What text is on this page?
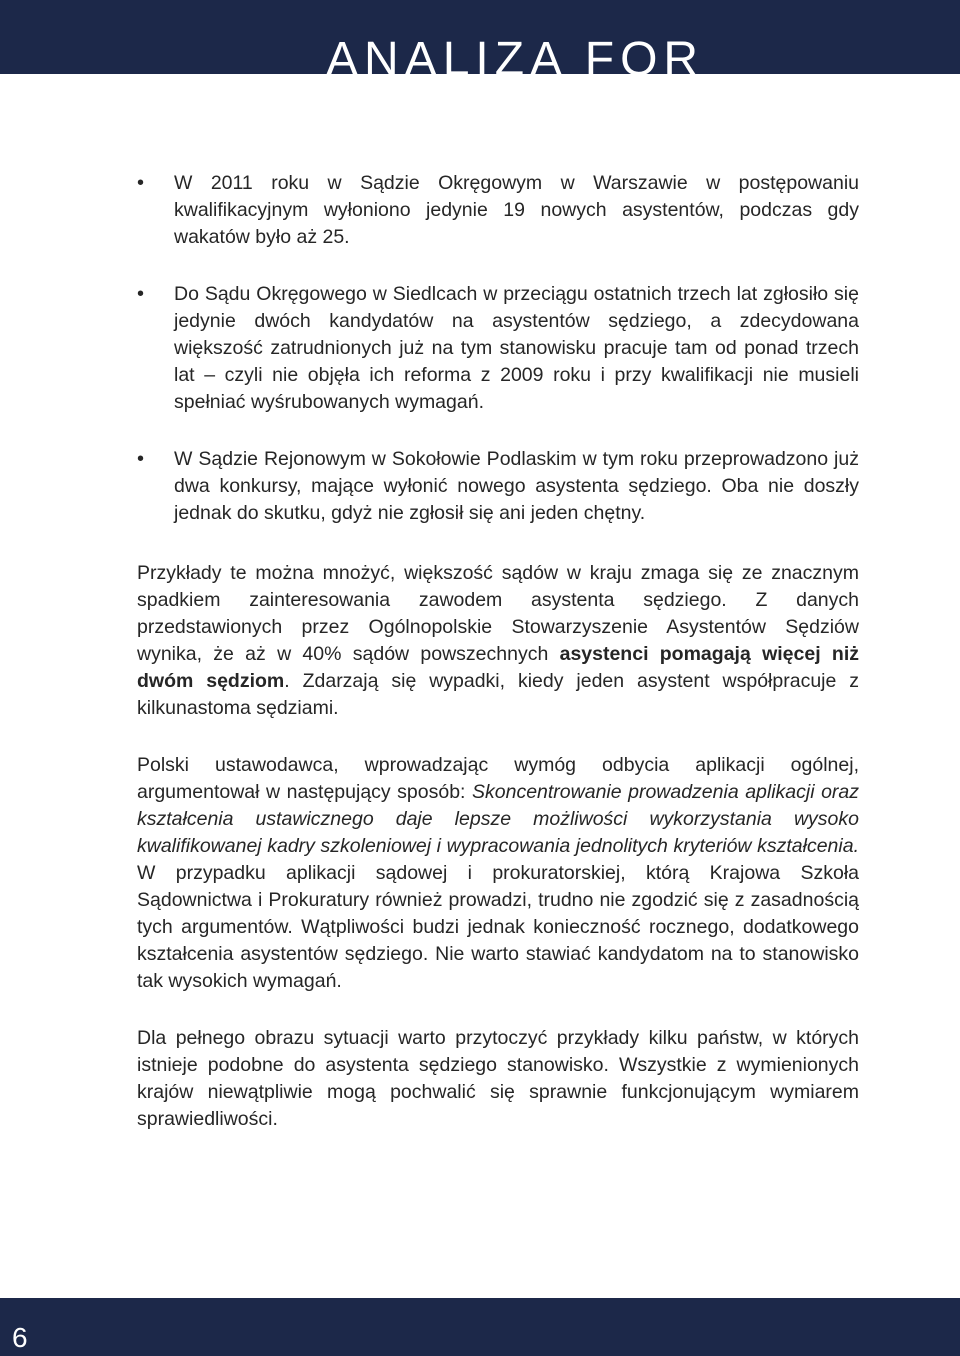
ANALIZA FOR
• W 2011 roku w Sądzie Okręgowym w Warszawie w postępowaniu kwalifikacyjnym wyłoniono jedynie 19 nowych asystentów, podczas gdy wakatów było aż 25.
• Do Sądu Okręgowego w Siedlcach w przeciągu ostatnich trzech lat zgłosiło się jedynie dwóch kandydatów na asystentów sędziego, a zdecydowana większość zatrudnionych już na tym stanowisku pracuje tam od ponad trzech lat – czyli nie objęła ich reforma z 2009 roku i przy kwalifikacji nie musieli spełniać wyśrubowanych wymagań.
• W Sądzie Rejonowym w Sokołowie Podlaskim w tym roku przeprowadzono już dwa konkursy, mające wyłonić nowego asystenta sędziego. Oba nie doszły jednak do skutku, gdyż nie zgłosił się ani jeden chętny.

Przykłady te można mnożyć, większość sądów w kraju zmaga się ze znacznym spadkiem zainteresowania zawodem asystenta sędziego. Z danych przedstawionych przez Ogólnopolskie Stowarzyszenie Asystentów Sędziów wynika, że aż w 40% sądów powszechnych asystenci pomagają więcej niż dwóm sędziom. Zdarzają się wypadki, kiedy jeden asystent współpracuje z kilkunastoma sędziami.

Polski ustawodawca, wprowadzając wymóg odbycia aplikacji ogólnej, argumentował w następujący sposób: Skoncentrowanie prowadzenia aplikacji oraz kształcenia ustawicznego daje lepsze możliwości wykorzystania wysoko kwalifikowanej kadry szkoleniowej i wypracowania jednolitych kryteriów kształcenia. W przypadku aplikacji sądowej i prokuratorskiej, którą Krajowa Szkoła Sądownictwa i Prokuratury również prowadzi, trudno nie zgodzić się z zasadnością tych argumentów. Wątpliwości budzi jednak konieczność rocznego, dodatkowego kształcenia asystentów sędziego. Nie warto stawiać kandydatom na to stanowisko tak wysokich wymagań.

Dla pełnego obrazu sytuacji warto przytoczyć przykłady kilku państw, w których istnieje podobne do asystenta sędziego stanowisko. Wszystkie z wymienionych krajów niewątpliwie mogą pochwalić się sprawnie funkcjonującym wymiarem sprawiedliwości.

6
